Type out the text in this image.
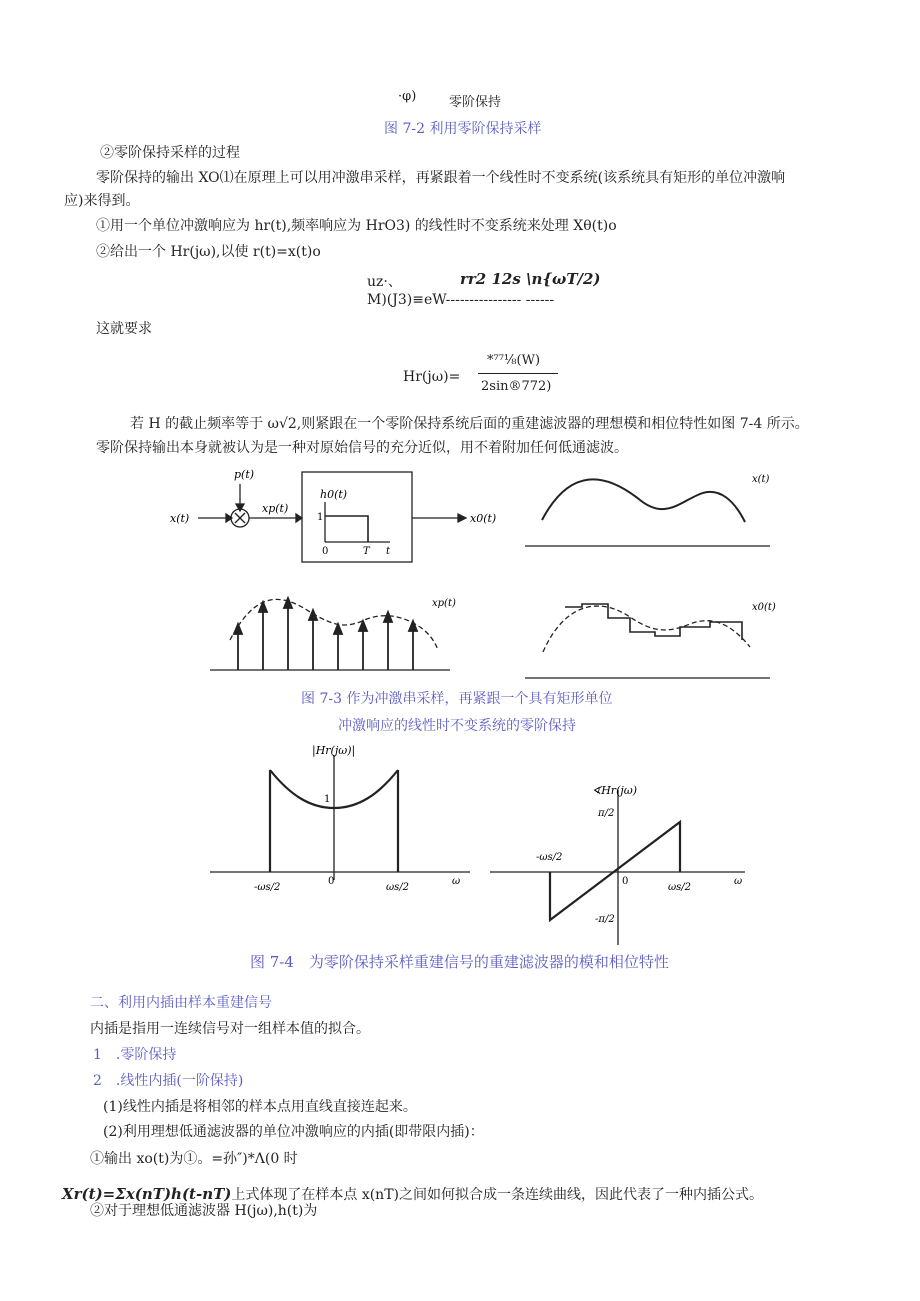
·φ)	零阶保持
图 7-2 利用零阶保持采样
②零阶保持采样的过程
零阶保持的输出 XO⑴在原理上可以用冲激串采样，再紧跟着一个线性时不变系统(该系统具有矩形的单位冲激响
应)来得到。
①用一个单位冲激响应为 hr(t),频率响应为 HrO3) 的线性时不变系统来处理 Xθ(t)o
②给出一个 Hr(jω),以使 r(t)=x(t)o
uz·、	rr2 12s \n{ωT/2)
M)(J3)≡eW---------------- ------
这就要求
Hr(jω)=
*⁷⁷⅛(W)
2sin®772)
若 H 的截止频率等于 ω√2,则紧跟在一个零阶保持系统后面的重建滤波器的理想模和相位特性如图 7-4 所示。
零阶保持输出本身就被认为是一种对原始信号的充分近似，用不着附加任何低通滤波。
p(t)
x(t)
xp(t)
h0(t)
1
0	T t
x0(t)
x(t)
xp(t)	x0(t)
图 7-3 作为冲激串采样，再紧跟一个具有矩形单位
冲激响应的线性时不变系统的零阶保持
|Hr(jω)|
1
0
-ωs/2	ωs/2
ω
∢Hr(jω)
π/2
-π/2
-ωs/2
ωs/2
0	ω
图 7-4　为零阶保持采样重建信号的重建滤波器的模和相位特性
二、利用内插由样本重建信号
内插是指用一连续信号对一组样本值的拟合。
1　.零阶保持
2　.线性内插(一阶保持)
(1)线性内插是将相邻的样本点用直线直接连起来。
(2)利用理想低通滤波器的单位冲激响应的内插(即带限内插)：
①输出 xo(t)为①。=孙″)*Λ(0 时
Xr(t)=Σx(nT)h(t-nT)上式体现了在样本点 x(nT)之间如何拟合成一条连续曲线，因此代表了一种内插公式。
②对于理想低通滤波器 H(jω),h(t)为
